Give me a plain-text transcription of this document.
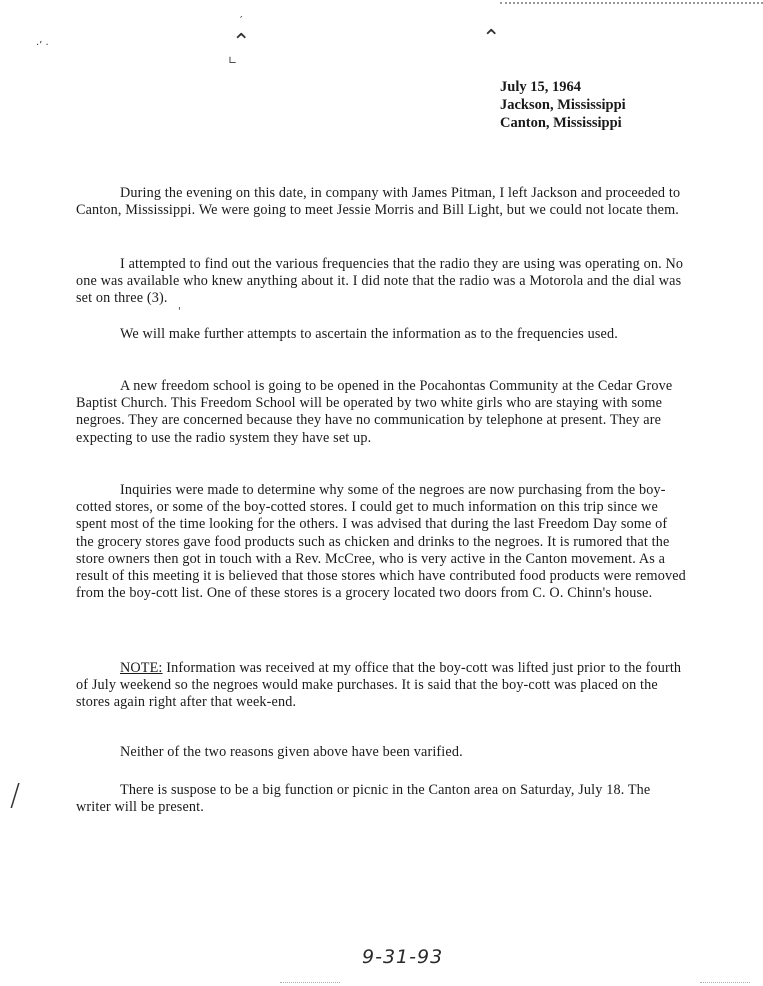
⌃
′
∟
⌃
·’ ·
/
'
July 15, 1964
Jackson, Mississippi
Canton, Mississippi

During the evening on this date, in company with James Pitman, I left Jackson and proceeded to Canton, Mississippi. We were going to meet Jessie Morris and Bill Light, but we could not locate them.

I attempted to find out the various frequencies that the radio they are using was operating on. No one was available who knew anything about it. I did note that the radio was a Motorola and the dial was set on three (3).

We will make further attempts to ascertain the information as to the frequencies used.

A new freedom school is going to be opened in the Pocahontas Community at the Cedar Grove Baptist Church. This Freedom School will be operated by two white girls who are staying with some negroes. They are concerned because they have no communication by telephone at present. They are expecting to use the radio system they have set up.

Inquiries were made to determine why some of the negroes are now purchasing from the boy-cotted stores, or some of the boy-cotted stores. I could get to much information on this trip since we spent most of the time looking for the others. I was advised that during the last Freedom Day some of the grocery stores gave food products such as chicken and drinks to the negroes. It is rumored that the store owners then got in touch with a Rev. McCree, who is very active in the Canton movement. As a result of this meeting it is believed that those stores which have contributed food products were removed from the boy-cott list. One of these stores is a grocery located two doors from C. O. Chinn's house.

NOTE: Information was received at my office that the boy-cott was lifted just prior to the fourth of July weekend so the negroes would make purchases. It is said that the boy-cott was placed on the stores again right after that week-end.

Neither of the two reasons given above have been varified.

There is suspose to be a big function or picnic in the Canton area on Saturday, July 18. The writer will be present.

9-31-93
